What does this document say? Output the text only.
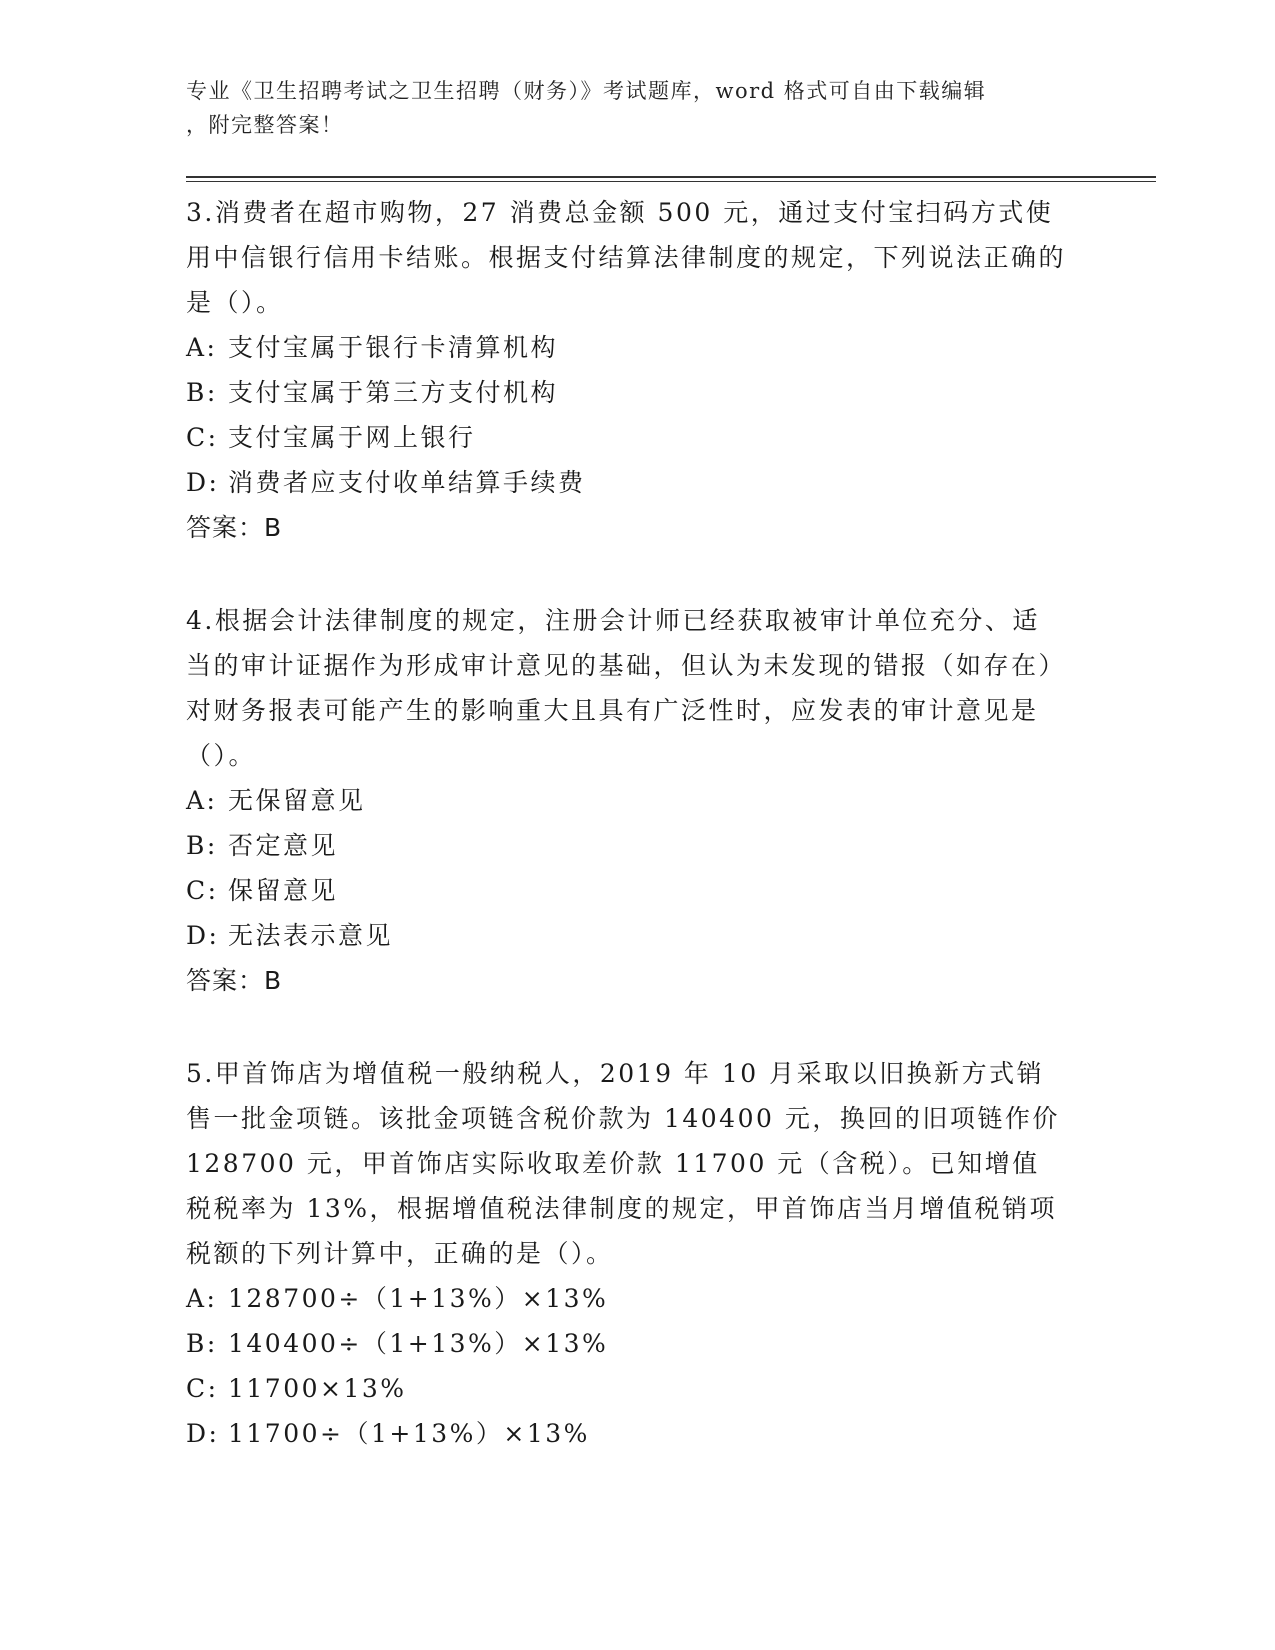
专业《卫生招聘考试之卫生招聘（财务）》考试题库，word 格式可自由下载编辑
，附完整答案！

3.消费者在超市购物，27 消费总金额 500 元，通过支付宝扫码方式使用中信银行信用卡结账。根据支付结算法律制度的规定，下列说法正确的是（）。

A: 支付宝属于银行卡清算机构
B: 支付宝属于第三方支付机构
C: 支付宝属于网上银行
D: 消费者应支付收单结算手续费

答案：B

4.根据会计法律制度的规定，注册会计师已经获取被审计单位充分、适当的审计证据作为形成审计意见的基础，但认为未发现的错报（如存在）对财务报表可能产生的影响重大且具有广泛性时，应发表的审计意见是（）。

A: 无保留意见
B: 否定意见
C: 保留意见
D: 无法表示意见

答案：B

5.甲首饰店为增值税一般纳税人，2019 年 10 月采取以旧换新方式销售一批金项链。该批金项链含税价款为 140400 元，换回的旧项链作价 128700 元，甲首饰店实际收取差价款 11700 元（含税）。已知增值税税率为 13%，根据增值税法律制度的规定，甲首饰店当月增值税销项税额的下列计算中，正确的是（）。

A: 128700÷（1+13%）×13%
B: 140400÷（1+13%）×13%
C: 11700×13%
D: 11700÷（1+13%）×13%
